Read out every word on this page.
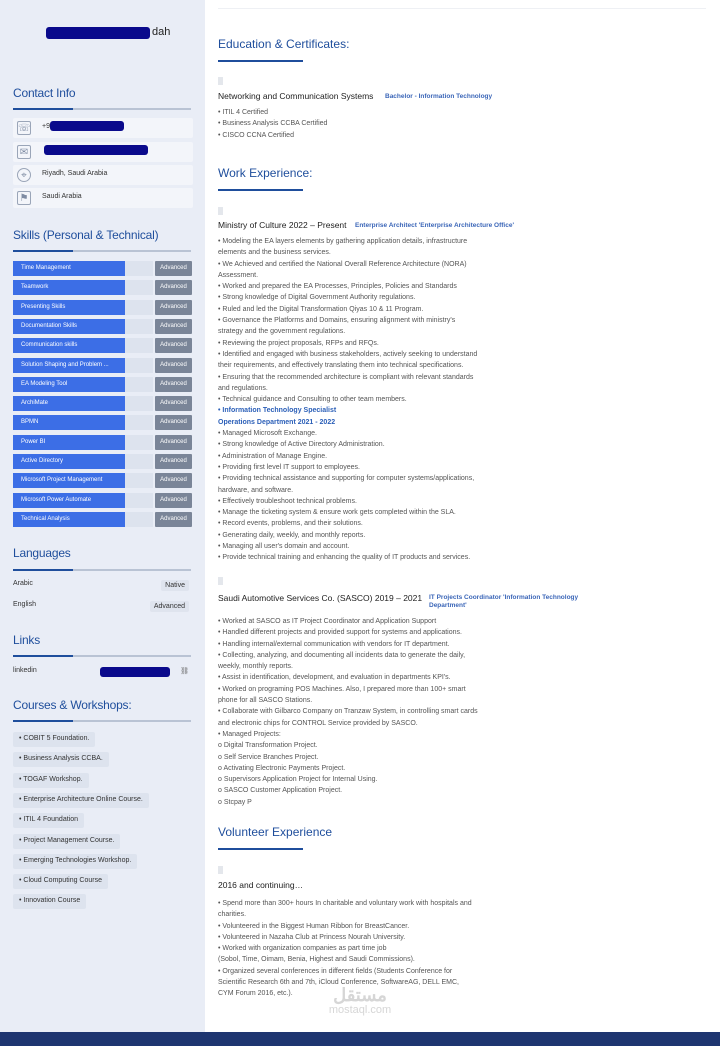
dah
Contact Info
☏ +9
✉
⌖	Riyadh, Saudi Arabia
⚑	Saudi Arabia
Skills (Personal & Technical)
Time Management	Advanced
Teamwork	Advanced
Presenting Skills	Advanced
Documentation Skills	Advanced
Communication skills	Advanced
Solution Shaping and Problem ...	Advanced
EA Modeling Tool	Advanced
ArchiMate	Advanced
BPMN	Advanced
Power BI	Advanced
Active Directory	Advanced
Microsoft Project Management	Advanced
Microsoft Power Automate	Advanced
Technical Analysis	Advanced
Languages
Arabic	Native
English	Advanced
Links
linkedin	⛓
Courses & Workshops:
• COBIT 5 Foundation.
• Business Analysis CCBA.
• TOGAF Workshop.
• Enterprise Architecture Online Course.
• ITIL 4 Foundation
• Project Management Course.
• Emerging Technologies Workshop.
• Cloud Computing Course
• Innovation Course
Education & Certificates:
Networking and Communication Systems Bachelor - Information Technology
• ITIL 4 Certified
• Business Analysis CCBA Certified
• CISCO CCNA Certified
Work Experience:
Ministry of Culture 2022 – Present Enterprise Architect 'Enterprise Architecture Office'
• Modeling the EA layers elements by gathering application details, infrastructure
elements and the business services.
• We Achieved and certified the National Overall Reference Architecture (NORA)
Assessment.
• Worked and prepared the EA Processes, Principles, Policies and Standards
• Strong knowledge of Digital Government Authority regulations.
• Ruled and led the Digital Transformation Qiyas 10 & 11 Program.
• Governance the Platforms and Domains, ensuring alignment with ministry's
strategy and the government regulations.
• Reviewing the project proposals, RFPs and RFQs.
• Identified and engaged with business stakeholders, actively seeking to understand
their requirements, and effectively translating them into technical specifications.
• Ensuring that the recommended architecture is compliant with relevant standards
and regulations.
• Technical guidance and Consulting to other team members.
• Information Technology Specialist
Operations Department 2021 - 2022
• Managed Microsoft Exchange.
• Strong knowledge of Active Directory Administration.
• Administration of Manage Engine.
• Providing first level IT support to employees.
• Providing technical assistance and supporting for computer systems/applications,
hardware, and software.
• Effectively troubleshoot technical problems.
• Manage the ticketing system & ensure work gets completed within the SLA.
• Record events, problems, and their solutions.
• Generating daily, weekly, and monthly reports.
• Managing all user's domain and account.
• Provide technical training and enhancing the quality of IT products and services.
Saudi Automotive Services Co. (SASCO) 2019 – 2021 IT Projects Coordinator 'Information Technology
Department'
• Worked at SASCO as IT Project Coordinator and Application Support
• Handled different projects and provided support for systems and applications.
• Handling internal/external communication with vendors for IT department.
• Collecting, analyzing, and documenting all incidents data to generate the daily,
weekly, monthly reports.
• Assist in identification, development, and evaluation in departments KPI's.
• Worked on programing POS Machines. Also, I prepared more than 100+ smart
phone for all SASCO Stations.
• Collaborate with Gilbarco Company on Tranzaw System, in controlling smart cards
and electronic chips for CONTROL Service provided by SASCO.
• Managed Projects:
o Digital Transformation Project.
o Self Service Branches Project.
o Activating Electronic Payments Project.
o Supervisors Application Project for Internal Using.
o SASCO Customer Application Project.
o Stcpay P
Volunteer Experience
2016 and continuing…
• Spend more than 300+ hours In charitable and voluntary work with hospitals and
charities.
• Volunteered in the Biggest Human Ribbon for BreastCancer.
• Volunteered in Nazaha Club at Princess Nourah University.
• Worked with organization companies as part time job
(Sobol, Time, Oimam, Benia, Highest and Saudi Commissions).
• Organized several conferences in different fields (Students Conference for
Scientific Research 6th and 7th, iCloud Conference, SoftwareAG, DELL EMC,
CYM Forum 2016, etc.).	مستقل
mostaql.com
